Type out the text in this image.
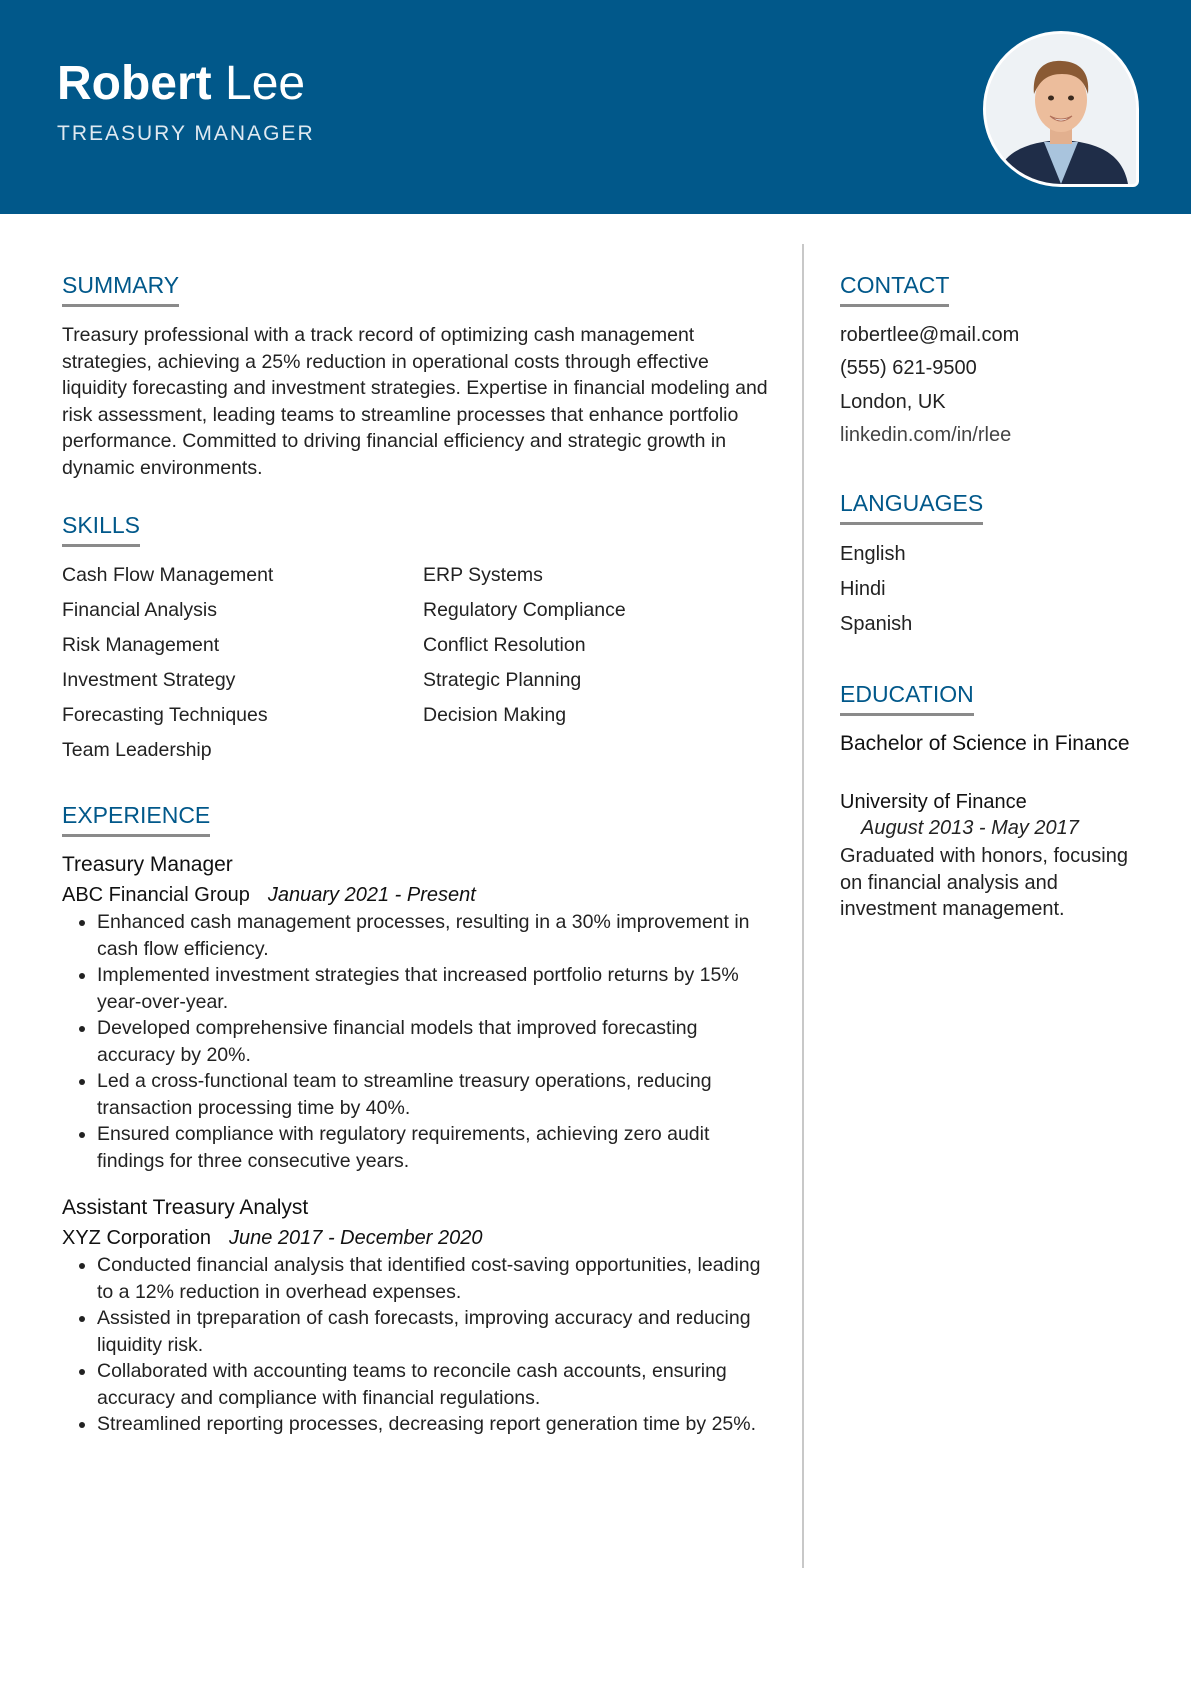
Robert Lee
TREASURY MANAGER
SUMMARY
Treasury professional with a track record of optimizing cash management strategies, achieving a 25% reduction in operational costs through effective liquidity forecasting and investment strategies. Expertise in financial modeling and risk assessment, leading teams to streamline processes that enhance portfolio performance. Committed to driving financial efficiency and strategic growth in dynamic environments.
SKILLS
Cash Flow Management
Financial Analysis
Risk Management
Investment Strategy
Forecasting Techniques
Team Leadership
ERP Systems
Regulatory Compliance
Conflict Resolution
Strategic Planning
Decision Making
EXPERIENCE
Treasury Manager
ABC Financial Group January 2021 - Present
• Enhanced cash management processes, resulting in a 30% improvement in cash flow efficiency.
• Implemented investment strategies that increased portfolio returns by 15% year-over-year.
• Developed comprehensive financial models that improved forecasting accuracy by 20%.
• Led a cross-functional team to streamline treasury operations, reducing transaction processing time by 40%.
• Ensured compliance with regulatory requirements, achieving zero audit findings for three consecutive years.
Assistant Treasury Analyst
XYZ Corporation June 2017 - December 2020
• Conducted financial analysis that identified cost-saving opportunities, leading to a 12% reduction in overhead expenses.
• Assisted in tpreparation of cash forecasts, improving accuracy and reducing liquidity risk.
• Collaborated with accounting teams to reconcile cash accounts, ensuring accuracy and compliance with financial regulations.
• Streamlined reporting processes, decreasing report generation time by 25%.
CONTACT
robertlee@mail.com
(555) 621-9500
London, UK
linkedin.com/in/rlee
LANGUAGES
English
Hindi
Spanish
EDUCATION
Bachelor of Science in Finance
University of Finance
August 2013 - May 2017
Graduated with honors, focusing on financial analysis and investment management.
